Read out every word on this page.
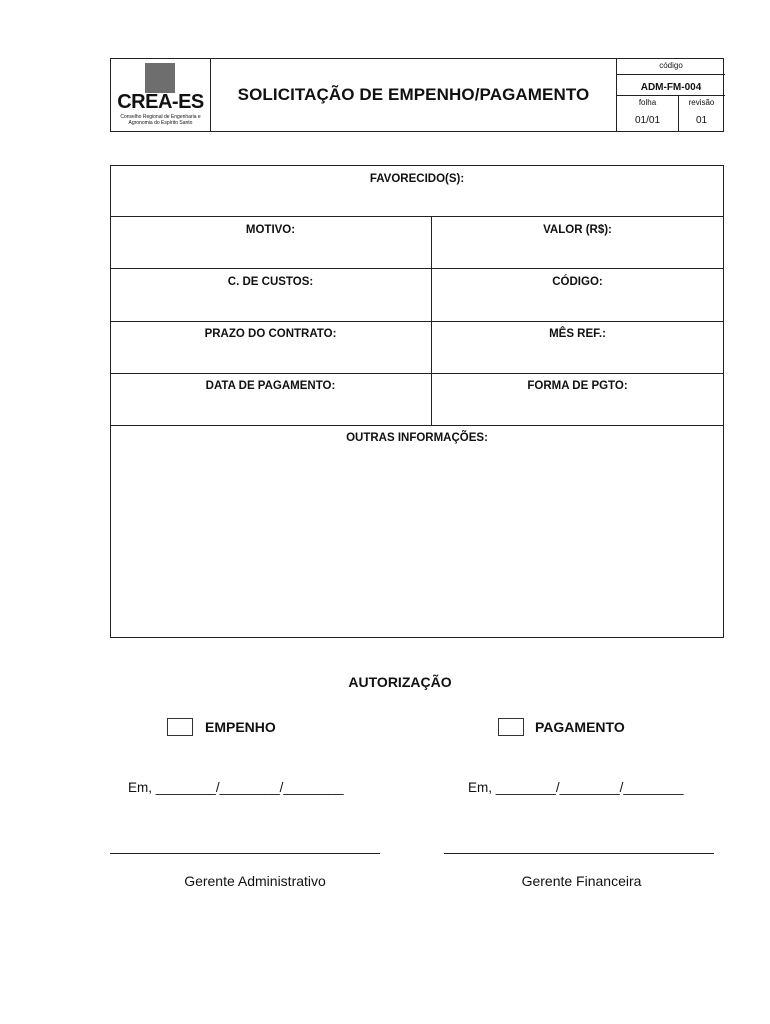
CREA-ES
Conselho Regional de Engenharia e
Agronomia do Espírito Santo
SOLICITAÇÃO DE EMPENHO/PAGAMENTO
código
ADM-FM-004
folha	revisão
01/01	01
FAVORECIDO(S):
MOTIVO:	VALOR (R$):
C. DE CUSTOS:	CÓDIGO:
PRAZO DO CONTRATO:	MÊS REF.:
DATA DE PAGAMENTO:	FORMA DE PGTO:
OUTRAS INFORMAÇÕES:
AUTORIZAÇÃO
EMPENHO	PAGAMENTO
Em, ________/________/________	Em, ________/________/________
Gerente Administrativo	Gerente Financeira
